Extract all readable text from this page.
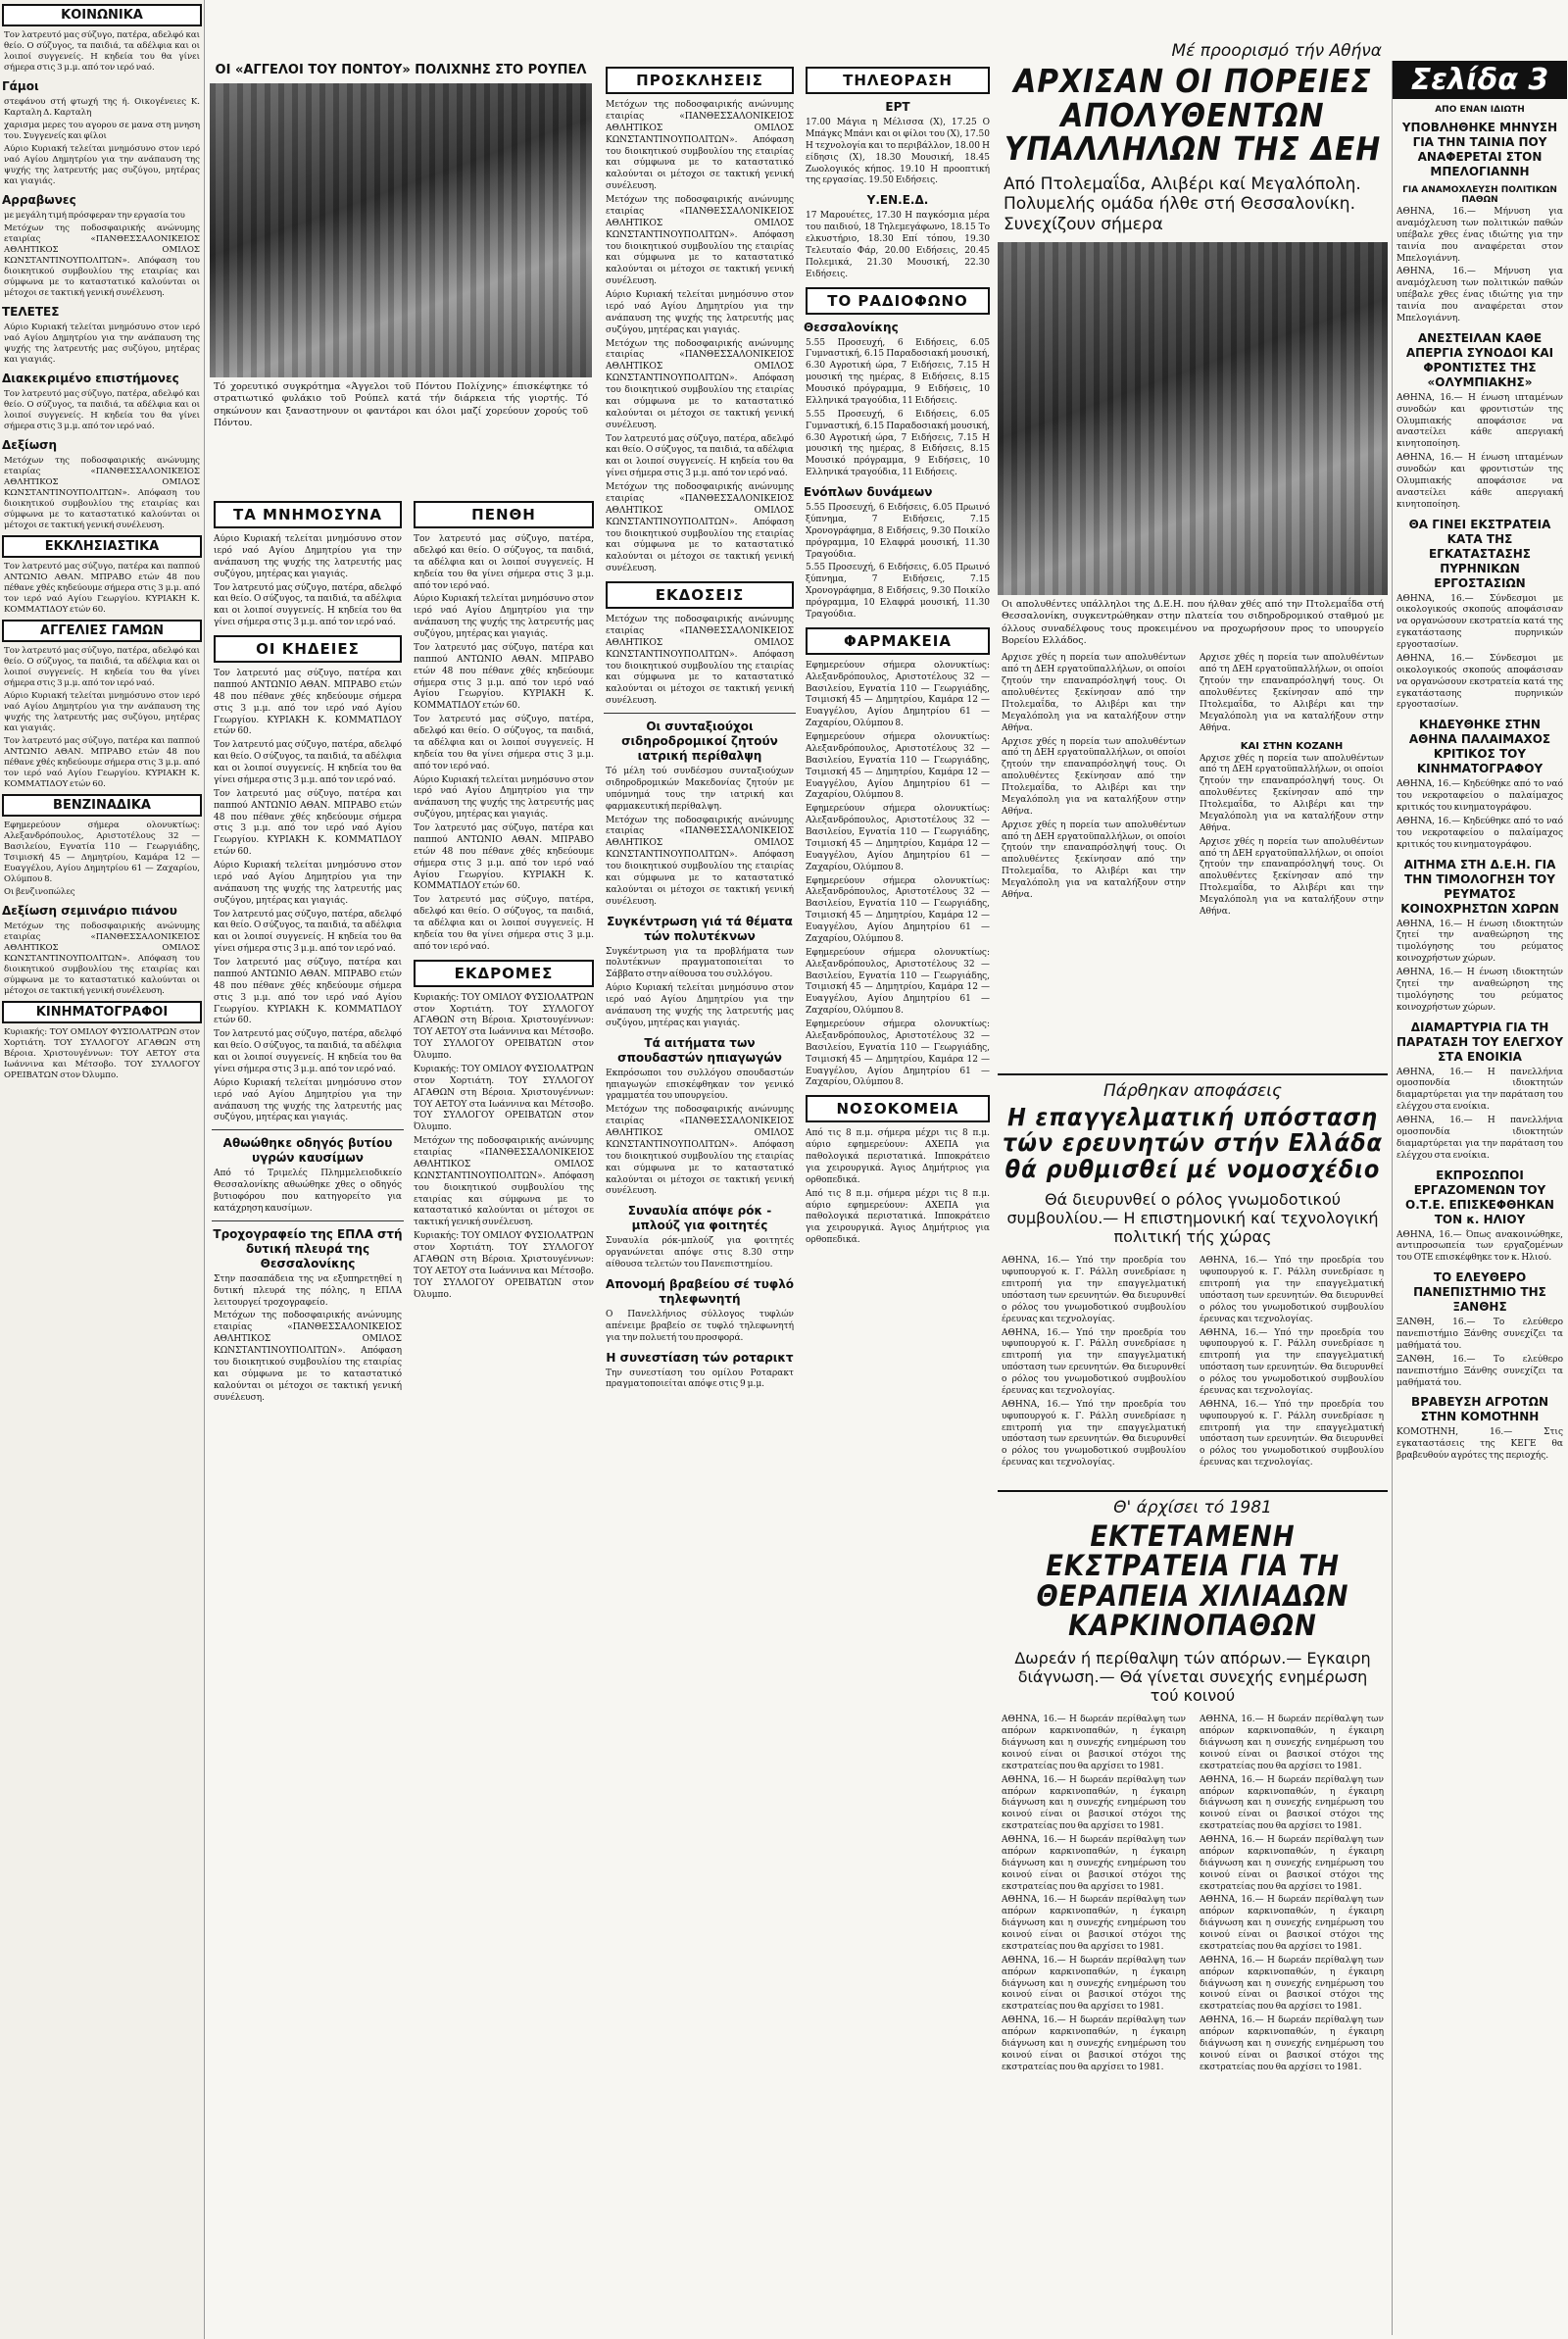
ΚΟΙΝΩΝΙΚΑ
Τον λατρευτό μας σύζυγο, πατέρα, αδελφό και θείο. Ο σύζυγος, τα παιδιά, τα αδέλφια και οι λοιποί συγγενείς. Η κηδεία του θα γίνει σήμερα στις 3 μ.μ. από τον ιερό ναό.
Γάμοι
στεφάνου στή φτωχή της ή. Οικογένειες Κ. Καρταλη Δ. Καρταλη
χαρισμα μερες του αγορου σε μανα στη μνηση του. Συγγενείς και φίλοι
Αύριο Κυριακή τελείται μνημόσυνο στον ιερό ναό Αγίου Δημητρίου για την ανάπαυση της ψυχής της λατρευτής μας συζύγου, μητέρας και γιαγιάς.
Αρραβωνες
με μεγάλη τιμή πρόσφεραν την εργασία του
Μετόχων της ποδοσφαιρικής ανώνυμης εταιρίας «ΠΑΝΘΕΣΣΑΛΟΝΙΚΕΙΟΣ ΑΘΛΗΤΙΚΟΣ ΟΜΙΛΟΣ ΚΩΝΣΤΑΝΤΙΝΟΥΠΟΛΙΤΩΝ». Απόφαση του διοικητικού συμβουλίου της εταιρίας και σύμφωνα με το καταστατικό καλούνται οι μέτοχοι σε τακτική γενική συνέλευση.
ΤΕΛΕΤΕΣ
Αύριο Κυριακή τελείται μνημόσυνο στον ιερό ναό Αγίου Δημητρίου για την ανάπαυση της ψυχής της λατρευτής μας συζύγου, μητέρας και γιαγιάς.
Διακεκριμένο επιστήμονες
Τον λατρευτό μας σύζυγο, πατέρα, αδελφό και θείο. Ο σύζυγος, τα παιδιά, τα αδέλφια και οι λοιποί συγγενείς. Η κηδεία του θα γίνει σήμερα στις 3 μ.μ. από τον ιερό ναό.
Δεξίωση
Μετόχων της ποδοσφαιρικής ανώνυμης εταιρίας «ΠΑΝΘΕΣΣΑΛΟΝΙΚΕΙΟΣ ΑΘΛΗΤΙΚΟΣ ΟΜΙΛΟΣ ΚΩΝΣΤΑΝΤΙΝΟΥΠΟΛΙΤΩΝ». Απόφαση του διοικητικού συμβουλίου της εταιρίας και σύμφωνα με το καταστατικό καλούνται οι μέτοχοι σε τακτική γενική συνέλευση.
ΕΚΚΛΗΣΙΑΣΤΙΚΑ
Τον λατρευτό μας σύζυγο, πατέρα και παππού ΑΝΤΩΝΙΟ ΑΘΑΝ. ΜΠΡΑΒΟ ετών 48 που πέθανε χθές κηδεύουμε σήμερα στις 3 μ.μ. από τον ιερό ναό Αγίου Γεωργίου. ΚΥΡΙΑΚΗ Κ. ΚΟΜΜΑΤΙΔΟΥ ετών 60.
ΑΓΓΕΛΙΕΣ ΓΑΜΩΝ
Τον λατρευτό μας σύζυγο, πατέρα, αδελφό και θείο. Ο σύζυγος, τα παιδιά, τα αδέλφια και οι λοιποί συγγενείς. Η κηδεία του θα γίνει σήμερα στις 3 μ.μ. από τον ιερό ναό.
Αύριο Κυριακή τελείται μνημόσυνο στον ιερό ναό Αγίου Δημητρίου για την ανάπαυση της ψυχής της λατρευτής μας συζύγου, μητέρας και γιαγιάς.
Τον λατρευτό μας σύζυγο, πατέρα και παππού ΑΝΤΩΝΙΟ ΑΘΑΝ. ΜΠΡΑΒΟ ετών 48 που πέθανε χθές κηδεύουμε σήμερα στις 3 μ.μ. από τον ιερό ναό Αγίου Γεωργίου. ΚΥΡΙΑΚΗ Κ. ΚΟΜΜΑΤΙΔΟΥ ετών 60.
ΒΕΝΖΙΝΑΔΙΚΑ
Εφημερεύουν σήμερα ολονυκτίως: Αλεξανδρόπουλος, Αριστοτέλους 32 — Βασιλείου, Εγνατία 110 — Γεωργιάδης, Τσιμισκή 45 — Δημητρίου, Καμάρα 12 — Ευαγγέλου, Αγίου Δημητρίου 61 — Ζαχαρίου, Ολύμπου 8.
Οι βενζινοπώλες
Δεξίωση σεμινάριο πιάνου
Μετόχων της ποδοσφαιρικής ανώνυμης εταιρίας «ΠΑΝΘΕΣΣΑΛΟΝΙΚΕΙΟΣ ΑΘΛΗΤΙΚΟΣ ΟΜΙΛΟΣ ΚΩΝΣΤΑΝΤΙΝΟΥΠΟΛΙΤΩΝ». Απόφαση του διοικητικού συμβουλίου της εταιρίας και σύμφωνα με το καταστατικό καλούνται οι μέτοχοι σε τακτική γενική συνέλευση.
ΚΙΝΗΜΑΤΟΓΡΑΦΟΙ
Κυριακής: ΤΟΥ ΟΜΙΛΟΥ ΦΥΣΙΟΛΑΤΡΩΝ στον Χορτιάτη. ΤΟΥ ΣΥΛΛΟΓΟΥ ΑΓΑΘΩΝ στη Βέροια. Χριστουγέννων: ΤΟΥ ΑΕΤΟΥ στα Ιωάννινα και Μέτσοβο. ΤΟΥ ΣΥΛΛΟΓΟΥ ΟΡΕΙΒΑΤΩΝ στον Όλυμπο.
ΟΙ «ΑΓΓΕΛΟΙ ΤΟΥ ΠΟΝΤΟΥ» ΠΟΛΙΧΝΗΣ ΣΤΟ ΡΟΥΠΕΛ
Τό χορευτικό συγκρότημα «Άγγελοι τοῦ Πόντου Πολίχνης» έπισκέφτηκε τό στρατιωτικό φυλάκιο τοῦ Ρούπελ κατά τήν διάρκεια τής γιορτής. Τό σηκώνουν και ξαναστηνουν οι φαντάροι και όλοι μαζί χορεύουν χορούς τοῦ Πόντου.
ΤΑ ΜΝΗΜΟΣΥΝΑ
Αύριο Κυριακή τελείται μνημόσυνο στον ιερό ναό Αγίου Δημητρίου για την ανάπαυση της ψυχής της λατρευτής μας συζύγου, μητέρας και γιαγιάς.
Τον λατρευτό μας σύζυγο, πατέρα, αδελφό και θείο. Ο σύζυγος, τα παιδιά, τα αδέλφια και οι λοιποί συγγενείς. Η κηδεία του θα γίνει σήμερα στις 3 μ.μ. από τον ιερό ναό.
ΟΙ ΚΗΔΕΙΕΣ
Τον λατρευτό μας σύζυγο, πατέρα και παππού ΑΝΤΩΝΙΟ ΑΘΑΝ. ΜΠΡΑΒΟ ετών 48 που πέθανε χθές κηδεύουμε σήμερα στις 3 μ.μ. από τον ιερό ναό Αγίου Γεωργίου. ΚΥΡΙΑΚΗ Κ. ΚΟΜΜΑΤΙΔΟΥ ετών 60.
Τον λατρευτό μας σύζυγο, πατέρα, αδελφό και θείο. Ο σύζυγος, τα παιδιά, τα αδέλφια και οι λοιποί συγγενείς. Η κηδεία του θα γίνει σήμερα στις 3 μ.μ. από τον ιερό ναό.
Τον λατρευτό μας σύζυγο, πατέρα και παππού ΑΝΤΩΝΙΟ ΑΘΑΝ. ΜΠΡΑΒΟ ετών 48 που πέθανε χθές κηδεύουμε σήμερα στις 3 μ.μ. από τον ιερό ναό Αγίου Γεωργίου. ΚΥΡΙΑΚΗ Κ. ΚΟΜΜΑΤΙΔΟΥ ετών 60.
Αύριο Κυριακή τελείται μνημόσυνο στον ιερό ναό Αγίου Δημητρίου για την ανάπαυση της ψυχής της λατρευτής μας συζύγου, μητέρας και γιαγιάς.
Τον λατρευτό μας σύζυγο, πατέρα, αδελφό και θείο. Ο σύζυγος, τα παιδιά, τα αδέλφια και οι λοιποί συγγενείς. Η κηδεία του θα γίνει σήμερα στις 3 μ.μ. από τον ιερό ναό.
Τον λατρευτό μας σύζυγο, πατέρα και παππού ΑΝΤΩΝΙΟ ΑΘΑΝ. ΜΠΡΑΒΟ ετών 48 που πέθανε χθές κηδεύουμε σήμερα στις 3 μ.μ. από τον ιερό ναό Αγίου Γεωργίου. ΚΥΡΙΑΚΗ Κ. ΚΟΜΜΑΤΙΔΟΥ ετών 60.
Τον λατρευτό μας σύζυγο, πατέρα, αδελφό και θείο. Ο σύζυγος, τα παιδιά, τα αδέλφια και οι λοιποί συγγενείς. Η κηδεία του θα γίνει σήμερα στις 3 μ.μ. από τον ιερό ναό.
Αύριο Κυριακή τελείται μνημόσυνο στον ιερό ναό Αγίου Δημητρίου για την ανάπαυση της ψυχής της λατρευτής μας συζύγου, μητέρας και γιαγιάς.
Αθωώθηκε οδηγός βυτίου υγρών καυσίμων
Από τό Τριμελές Πλημμελειοδικείο Θεσσαλονίκης αθωώθηκε χθες ο οδηγός βυτιοφόρου που κατηγορείτο για κατάχρηση καυσίμων.
Τροχογραφείο της ΕΠΛΑ στή δυτική πλευρά της Θεσσαλονίκης
Στην πασαπάδεια της να εξυπηρετηθεί η δυτική πλευρά της πόλης, η ΕΠΛΑ λειτουργεί τροχογραφείο.
Μετόχων της ποδοσφαιρικής ανώνυμης εταιρίας «ΠΑΝΘΕΣΣΑΛΟΝΙΚΕΙΟΣ ΑΘΛΗΤΙΚΟΣ ΟΜΙΛΟΣ ΚΩΝΣΤΑΝΤΙΝΟΥΠΟΛΙΤΩΝ». Απόφαση του διοικητικού συμβουλίου της εταιρίας και σύμφωνα με το καταστατικό καλούνται οι μέτοχοι σε τακτική γενική συνέλευση.
ΠΕΝΘΗ
Τον λατρευτό μας σύζυγο, πατέρα, αδελφό και θείο. Ο σύζυγος, τα παιδιά, τα αδέλφια και οι λοιποί συγγενείς. Η κηδεία του θα γίνει σήμερα στις 3 μ.μ. από τον ιερό ναό.
Αύριο Κυριακή τελείται μνημόσυνο στον ιερό ναό Αγίου Δημητρίου για την ανάπαυση της ψυχής της λατρευτής μας συζύγου, μητέρας και γιαγιάς.
Τον λατρευτό μας σύζυγο, πατέρα και παππού ΑΝΤΩΝΙΟ ΑΘΑΝ. ΜΠΡΑΒΟ ετών 48 που πέθανε χθές κηδεύουμε σήμερα στις 3 μ.μ. από τον ιερό ναό Αγίου Γεωργίου. ΚΥΡΙΑΚΗ Κ. ΚΟΜΜΑΤΙΔΟΥ ετών 60.
Τον λατρευτό μας σύζυγο, πατέρα, αδελφό και θείο. Ο σύζυγος, τα παιδιά, τα αδέλφια και οι λοιποί συγγενείς. Η κηδεία του θα γίνει σήμερα στις 3 μ.μ. από τον ιερό ναό.
Αύριο Κυριακή τελείται μνημόσυνο στον ιερό ναό Αγίου Δημητρίου για την ανάπαυση της ψυχής της λατρευτής μας συζύγου, μητέρας και γιαγιάς.
Τον λατρευτό μας σύζυγο, πατέρα και παππού ΑΝΤΩΝΙΟ ΑΘΑΝ. ΜΠΡΑΒΟ ετών 48 που πέθανε χθές κηδεύουμε σήμερα στις 3 μ.μ. από τον ιερό ναό Αγίου Γεωργίου. ΚΥΡΙΑΚΗ Κ. ΚΟΜΜΑΤΙΔΟΥ ετών 60.
Τον λατρευτό μας σύζυγο, πατέρα, αδελφό και θείο. Ο σύζυγος, τα παιδιά, τα αδέλφια και οι λοιποί συγγενείς. Η κηδεία του θα γίνει σήμερα στις 3 μ.μ. από τον ιερό ναό.
ΕΚΔΡΟΜΕΣ
Κυριακής: ΤΟΥ ΟΜΙΛΟΥ ΦΥΣΙΟΛΑΤΡΩΝ στον Χορτιάτη. ΤΟΥ ΣΥΛΛΟΓΟΥ ΑΓΑΘΩΝ στη Βέροια. Χριστουγέννων: ΤΟΥ ΑΕΤΟΥ στα Ιωάννινα και Μέτσοβο. ΤΟΥ ΣΥΛΛΟΓΟΥ ΟΡΕΙΒΑΤΩΝ στον Όλυμπο.
Κυριακής: ΤΟΥ ΟΜΙΛΟΥ ΦΥΣΙΟΛΑΤΡΩΝ στον Χορτιάτη. ΤΟΥ ΣΥΛΛΟΓΟΥ ΑΓΑΘΩΝ στη Βέροια. Χριστουγέννων: ΤΟΥ ΑΕΤΟΥ στα Ιωάννινα και Μέτσοβο. ΤΟΥ ΣΥΛΛΟΓΟΥ ΟΡΕΙΒΑΤΩΝ στον Όλυμπο.
Μετόχων της ποδοσφαιρικής ανώνυμης εταιρίας «ΠΑΝΘΕΣΣΑΛΟΝΙΚΕΙΟΣ ΑΘΛΗΤΙΚΟΣ ΟΜΙΛΟΣ ΚΩΝΣΤΑΝΤΙΝΟΥΠΟΛΙΤΩΝ». Απόφαση του διοικητικού συμβουλίου της εταιρίας και σύμφωνα με το καταστατικό καλούνται οι μέτοχοι σε τακτική γενική συνέλευση.
Κυριακής: ΤΟΥ ΟΜΙΛΟΥ ΦΥΣΙΟΛΑΤΡΩΝ στον Χορτιάτη. ΤΟΥ ΣΥΛΛΟΓΟΥ ΑΓΑΘΩΝ στη Βέροια. Χριστουγέννων: ΤΟΥ ΑΕΤΟΥ στα Ιωάννινα και Μέτσοβο. ΤΟΥ ΣΥΛΛΟΓΟΥ ΟΡΕΙΒΑΤΩΝ στον Όλυμπο.
ΠΡΟΣΚΛΗΣΕΙΣ
Μετόχων της ποδοσφαιρικής ανώνυμης εταιρίας «ΠΑΝΘΕΣΣΑΛΟΝΙΚΕΙΟΣ ΑΘΛΗΤΙΚΟΣ ΟΜΙΛΟΣ ΚΩΝΣΤΑΝΤΙΝΟΥΠΟΛΙΤΩΝ». Απόφαση του διοικητικού συμβουλίου της εταιρίας και σύμφωνα με το καταστατικό καλούνται οι μέτοχοι σε τακτική γενική συνέλευση.
Μετόχων της ποδοσφαιρικής ανώνυμης εταιρίας «ΠΑΝΘΕΣΣΑΛΟΝΙΚΕΙΟΣ ΑΘΛΗΤΙΚΟΣ ΟΜΙΛΟΣ ΚΩΝΣΤΑΝΤΙΝΟΥΠΟΛΙΤΩΝ». Απόφαση του διοικητικού συμβουλίου της εταιρίας και σύμφωνα με το καταστατικό καλούνται οι μέτοχοι σε τακτική γενική συνέλευση.
Αύριο Κυριακή τελείται μνημόσυνο στον ιερό ναό Αγίου Δημητρίου για την ανάπαυση της ψυχής της λατρευτής μας συζύγου, μητέρας και γιαγιάς.
Μετόχων της ποδοσφαιρικής ανώνυμης εταιρίας «ΠΑΝΘΕΣΣΑΛΟΝΙΚΕΙΟΣ ΑΘΛΗΤΙΚΟΣ ΟΜΙΛΟΣ ΚΩΝΣΤΑΝΤΙΝΟΥΠΟΛΙΤΩΝ». Απόφαση του διοικητικού συμβουλίου της εταιρίας και σύμφωνα με το καταστατικό καλούνται οι μέτοχοι σε τακτική γενική συνέλευση.
Τον λατρευτό μας σύζυγο, πατέρα, αδελφό και θείο. Ο σύζυγος, τα παιδιά, τα αδέλφια και οι λοιποί συγγενείς. Η κηδεία του θα γίνει σήμερα στις 3 μ.μ. από τον ιερό ναό.
Μετόχων της ποδοσφαιρικής ανώνυμης εταιρίας «ΠΑΝΘΕΣΣΑΛΟΝΙΚΕΙΟΣ ΑΘΛΗΤΙΚΟΣ ΟΜΙΛΟΣ ΚΩΝΣΤΑΝΤΙΝΟΥΠΟΛΙΤΩΝ». Απόφαση του διοικητικού συμβουλίου της εταιρίας και σύμφωνα με το καταστατικό καλούνται οι μέτοχοι σε τακτική γενική συνέλευση.
ΕΚΔΟΣΕΙΣ
Μετόχων της ποδοσφαιρικής ανώνυμης εταιρίας «ΠΑΝΘΕΣΣΑΛΟΝΙΚΕΙΟΣ ΑΘΛΗΤΙΚΟΣ ΟΜΙΛΟΣ ΚΩΝΣΤΑΝΤΙΝΟΥΠΟΛΙΤΩΝ». Απόφαση του διοικητικού συμβουλίου της εταιρίας και σύμφωνα με το καταστατικό καλούνται οι μέτοχοι σε τακτική γενική συνέλευση.
Οι συνταξιούχοι σιδηροδρομικοί ζητούν ιατρική περίθαλψη
Τό μέλη τού συνδέσμου συνταξιούχων σιδηροδρομικών Μακεδονίας ζητούν με υπόμνημά τους την ιατρική και φαρμακευτική περίθαλψη.
Μετόχων της ποδοσφαιρικής ανώνυμης εταιρίας «ΠΑΝΘΕΣΣΑΛΟΝΙΚΕΙΟΣ ΑΘΛΗΤΙΚΟΣ ΟΜΙΛΟΣ ΚΩΝΣΤΑΝΤΙΝΟΥΠΟΛΙΤΩΝ». Απόφαση του διοικητικού συμβουλίου της εταιρίας και σύμφωνα με το καταστατικό καλούνται οι μέτοχοι σε τακτική γενική συνέλευση.
Συγκέντρωση γιά τά θέματα τών πολυτέκνων
Συγκέντρωση για τα προβλήματα των πολυτέκνων πραγματοποιείται το Σάββατο στην αίθουσα του συλλόγου.
Αύριο Κυριακή τελείται μνημόσυνο στον ιερό ναό Αγίου Δημητρίου για την ανάπαυση της ψυχής της λατρευτής μας συζύγου, μητέρας και γιαγιάς.
Τά αιτήματα των σπουδαστών ηπιαγωγών
Εκπρόσωποι του συλλόγου σπουδαστών ηπιαγωγών επισκέφθηκαν τον γενικό γραμματέα του υπουργείου.
Μετόχων της ποδοσφαιρικής ανώνυμης εταιρίας «ΠΑΝΘΕΣΣΑΛΟΝΙΚΕΙΟΣ ΑΘΛΗΤΙΚΟΣ ΟΜΙΛΟΣ ΚΩΝΣΤΑΝΤΙΝΟΥΠΟΛΙΤΩΝ». Απόφαση του διοικητικού συμβουλίου της εταιρίας και σύμφωνα με το καταστατικό καλούνται οι μέτοχοι σε τακτική γενική συνέλευση.
Συναυλία απόψε ρόκ - μπλούζ για φοιτητές
Συναυλία ρόκ-μπλούζ για φοιτητές οργανώνεται απόψε στις 8.30 στην αίθουσα τελετών του Πανεπιστημίου.
Απονομή βραβείου σέ τυφλό τηλεφωνητή
Ο Πανελλήνιος σύλλογος τυφλών απένειμε βραβείο σε τυφλό τηλεφωνητή για την πολυετή του προσφορά.
Η συνεστίαση τών ροταρικτ
Την συνεστίαση του ομίλου Ροταρακτ πραγματοποιείται απόψε στις 9 μ.μ.
ΤΗΛΕΟΡΑΣΗ
ΕΡΤ
17.00 Μάγια η Μέλισσα (Χ), 17.25 Ο Μπάγκς Μπάνι και οι φίλοι του (Χ), 17.50 Η τεχνολογία και το περιβάλλον, 18.00 Η είδησις (Χ), 18.30 Μουσική, 18.45 Ζωολογικός κήπος. 19.10 Η προοπτική της εργασίας. 19.50 Ειδήσεις.
Υ.ΕΝ.Ε.Δ.
17 Μαρουέτες, 17.30 Η παγκόσμια μέρα του παιδιού, 18 Τηλεμεγάφωνο, 18.15 Το ελκυστήριο, 18.30 Επί τόπου, 19.30 Τελευταίο Φάρ, 20.00 Ειδήσεις, 20.45 Πολεμικά, 21.30 Μουσική, 22.30 Ειδήσεις.
ΤΟ ΡΑΔΙΟΦΩΝΟ
Θεσσαλονίκης
5.55 Προσευχή, 6 Ειδήσεις, 6.05 Γυμναστική, 6.15 Παραδοσιακή μουσική, 6.30 Αγροτική ώρα, 7 Ειδήσεις, 7.15 Η μουσική της ημέρας, 8 Ειδήσεις, 8.15 Μουσικό πρόγραμμα, 9 Ειδήσεις, 10 Ελληνικά τραγούδια, 11 Ειδήσεις.
5.55 Προσευχή, 6 Ειδήσεις, 6.05 Γυμναστική, 6.15 Παραδοσιακή μουσική, 6.30 Αγροτική ώρα, 7 Ειδήσεις, 7.15 Η μουσική της ημέρας, 8 Ειδήσεις, 8.15 Μουσικό πρόγραμμα, 9 Ειδήσεις, 10 Ελληνικά τραγούδια, 11 Ειδήσεις.
Ενόπλων δυνάμεων
5.55 Προσευχή, 6 Ειδήσεις, 6.05 Πρωινό ξύπνημα, 7 Ειδήσεις, 7.15 Χρονογράφημα, 8 Ειδήσεις, 9.30 Ποικίλο πρόγραμμα, 10 Ελαφρά μουσική, 11.30 Τραγούδια.
5.55 Προσευχή, 6 Ειδήσεις, 6.05 Πρωινό ξύπνημα, 7 Ειδήσεις, 7.15 Χρονογράφημα, 8 Ειδήσεις, 9.30 Ποικίλο πρόγραμμα, 10 Ελαφρά μουσική, 11.30 Τραγούδια.
ΦΑΡΜΑΚΕΙΑ
Εφημερεύουν σήμερα ολονυκτίως: Αλεξανδρόπουλος, Αριστοτέλους 32 — Βασιλείου, Εγνατία 110 — Γεωργιάδης, Τσιμισκή 45 — Δημητρίου, Καμάρα 12 — Ευαγγέλου, Αγίου Δημητρίου 61 — Ζαχαρίου, Ολύμπου 8.
Εφημερεύουν σήμερα ολονυκτίως: Αλεξανδρόπουλος, Αριστοτέλους 32 — Βασιλείου, Εγνατία 110 — Γεωργιάδης, Τσιμισκή 45 — Δημητρίου, Καμάρα 12 — Ευαγγέλου, Αγίου Δημητρίου 61 — Ζαχαρίου, Ολύμπου 8.
Εφημερεύουν σήμερα ολονυκτίως: Αλεξανδρόπουλος, Αριστοτέλους 32 — Βασιλείου, Εγνατία 110 — Γεωργιάδης, Τσιμισκή 45 — Δημητρίου, Καμάρα 12 — Ευαγγέλου, Αγίου Δημητρίου 61 — Ζαχαρίου, Ολύμπου 8.
Εφημερεύουν σήμερα ολονυκτίως: Αλεξανδρόπουλος, Αριστοτέλους 32 — Βασιλείου, Εγνατία 110 — Γεωργιάδης, Τσιμισκή 45 — Δημητρίου, Καμάρα 12 — Ευαγγέλου, Αγίου Δημητρίου 61 — Ζαχαρίου, Ολύμπου 8.
Εφημερεύουν σήμερα ολονυκτίως: Αλεξανδρόπουλος, Αριστοτέλους 32 — Βασιλείου, Εγνατία 110 — Γεωργιάδης, Τσιμισκή 45 — Δημητρίου, Καμάρα 12 — Ευαγγέλου, Αγίου Δημητρίου 61 — Ζαχαρίου, Ολύμπου 8.
Εφημερεύουν σήμερα ολονυκτίως: Αλεξανδρόπουλος, Αριστοτέλους 32 — Βασιλείου, Εγνατία 110 — Γεωργιάδης, Τσιμισκή 45 — Δημητρίου, Καμάρα 12 — Ευαγγέλου, Αγίου Δημητρίου 61 — Ζαχαρίου, Ολύμπου 8.
ΝΟΣΟΚΟΜΕΙΑ
Από τις 8 π.μ. σήμερα μέχρι τις 8 π.μ. αύριο εφημερεύουν: ΑΧΕΠΑ για παθολογικά περιστατικά. Ιπποκράτειο για χειρουργικά. Άγιος Δημήτριος για ορθοπεδικά.
Από τις 8 π.μ. σήμερα μέχρι τις 8 π.μ. αύριο εφημερεύουν: ΑΧΕΠΑ για παθολογικά περιστατικά. Ιπποκράτειο για χειρουργικά. Άγιος Δημήτριος για ορθοπεδικά.
Μέ προορισμό τήν Αθήνα
ΑΡΧΙΣΑΝ ΟΙ ΠΟΡΕΙΕΣ ΑΠΟΛΥΘΕΝΤΩΝ ΥΠΑΛΛΗΛΩΝ ΤΗΣ ΔΕΗ
Από Πτολεμαΐδα, Αλιβέρι καί Μεγαλόπολη. Πολυμελής ομάδα ήλθε στή Θεσσαλονίκη. Συνεχίζουν σήμερα
Οι απολυθέντες υπάλληλοι της Δ.Ε.Η. που ήλθαν χθές από την Πτολεμαΐδα στή Θεσσαλονίκη, συγκεντρώθηκαν στην πλατεία του σιδηροδρομικού σταθμού με όλλους συναδέλφους τους προκειμένου να προχωρήσουν προς το υπουργείο Βορείου Ελλάδος.
Αρχισε χθές η πορεία των απολυθέντων από τη ΔΕΗ εργατοϋπαλλήλων, οι οποίοι ζητούν την επαναπρόσληψή τους. Οι απολυθέντες ξεκίνησαν από την Πτολεμαΐδα, το Αλιβέρι και την Μεγαλόπολη για να καταλήξουν στην Αθήνα.
Αρχισε χθές η πορεία των απολυθέντων από τη ΔΕΗ εργατοϋπαλλήλων, οι οποίοι ζητούν την επαναπρόσληψή τους. Οι απολυθέντες ξεκίνησαν από την Πτολεμαΐδα, το Αλιβέρι και την Μεγαλόπολη για να καταλήξουν στην Αθήνα.
Αρχισε χθές η πορεία των απολυθέντων από τη ΔΕΗ εργατοϋπαλλήλων, οι οποίοι ζητούν την επαναπρόσληψή τους. Οι απολυθέντες ξεκίνησαν από την Πτολεμαΐδα, το Αλιβέρι και την Μεγαλόπολη για να καταλήξουν στην Αθήνα.
Αρχισε χθές η πορεία των απολυθέντων από τη ΔΕΗ εργατοϋπαλλήλων, οι οποίοι ζητούν την επαναπρόσληψή τους. Οι απολυθέντες ξεκίνησαν από την Πτολεμαΐδα, το Αλιβέρι και την Μεγαλόπολη για να καταλήξουν στην Αθήνα.
ΚΑΙ ΣΤΗΝ ΚΟΖΑΝΗ
Αρχισε χθές η πορεία των απολυθέντων από τη ΔΕΗ εργατοϋπαλλήλων, οι οποίοι ζητούν την επαναπρόσληψή τους. Οι απολυθέντες ξεκίνησαν από την Πτολεμαΐδα, το Αλιβέρι και την Μεγαλόπολη για να καταλήξουν στην Αθήνα.
Αρχισε χθές η πορεία των απολυθέντων από τη ΔΕΗ εργατοϋπαλλήλων, οι οποίοι ζητούν την επαναπρόσληψή τους. Οι απολυθέντες ξεκίνησαν από την Πτολεμαΐδα, το Αλιβέρι και την Μεγαλόπολη για να καταλήξουν στην Αθήνα.
Πάρθηκαν αποφάσεις
Η επαγγελματική υπόσταση τών ερευνητών στήν Ελλάδα θά ρυθμισθεί μέ νομοσχέδιο
Θά διευρυνθεί ο ρόλος γνωμοδοτικού συμβουλίου.— Η επιστημονική καί τεχνολογική πολιτική τής χώρας
ΑΘΗΝΑ, 16.— Υπό την προεδρία του υφυπουργού κ. Γ. Ράλλη συνεδρίασε η επιτροπή για την επαγγελματική υπόσταση των ερευνητών. Θα διευρυνθεί ο ρόλος του γνωμοδοτικού συμβουλίου έρευνας και τεχνολογίας.
ΑΘΗΝΑ, 16.— Υπό την προεδρία του υφυπουργού κ. Γ. Ράλλη συνεδρίασε η επιτροπή για την επαγγελματική υπόσταση των ερευνητών. Θα διευρυνθεί ο ρόλος του γνωμοδοτικού συμβουλίου έρευνας και τεχνολογίας.
ΑΘΗΝΑ, 16.— Υπό την προεδρία του υφυπουργού κ. Γ. Ράλλη συνεδρίασε η επιτροπή για την επαγγελματική υπόσταση των ερευνητών. Θα διευρυνθεί ο ρόλος του γνωμοδοτικού συμβουλίου έρευνας και τεχνολογίας.
ΑΘΗΝΑ, 16.— Υπό την προεδρία του υφυπουργού κ. Γ. Ράλλη συνεδρίασε η επιτροπή για την επαγγελματική υπόσταση των ερευνητών. Θα διευρυνθεί ο ρόλος του γνωμοδοτικού συμβουλίου έρευνας και τεχνολογίας.
ΑΘΗΝΑ, 16.— Υπό την προεδρία του υφυπουργού κ. Γ. Ράλλη συνεδρίασε η επιτροπή για την επαγγελματική υπόσταση των ερευνητών. Θα διευρυνθεί ο ρόλος του γνωμοδοτικού συμβουλίου έρευνας και τεχνολογίας.
ΑΘΗΝΑ, 16.— Υπό την προεδρία του υφυπουργού κ. Γ. Ράλλη συνεδρίασε η επιτροπή για την επαγγελματική υπόσταση των ερευνητών. Θα διευρυνθεί ο ρόλος του γνωμοδοτικού συμβουλίου έρευνας και τεχνολογίας.
Θ' άρχίσει τό 1981
ΕΚΤΕΤΑΜΕΝΗ ΕΚΣΤΡΑΤΕΙΑ ΓΙΑ ΤΗ ΘΕΡΑΠΕΙΑ ΧΙΛΙΑΔΩΝ ΚΑΡΚΙΝΟΠΑΘΩΝ
Δωρεάν ή περίθαλψη τών απόρων.— Εγκαιρη διάγνωση.— Θά γίνεται συνεχής ενημέρωση τού κοινού
ΑΘΗΝΑ, 16.— Η δωρεάν περίθαλψη των απόρων καρκινοπαθών, η έγκαιρη διάγνωση και η συνεχής ενημέρωση του κοινού είναι οι βασικοί στόχοι της εκστρατείας που θα αρχίσει το 1981.
ΑΘΗΝΑ, 16.— Η δωρεάν περίθαλψη των απόρων καρκινοπαθών, η έγκαιρη διάγνωση και η συνεχής ενημέρωση του κοινού είναι οι βασικοί στόχοι της εκστρατείας που θα αρχίσει το 1981.
ΑΘΗΝΑ, 16.— Η δωρεάν περίθαλψη των απόρων καρκινοπαθών, η έγκαιρη διάγνωση και η συνεχής ενημέρωση του κοινού είναι οι βασικοί στόχοι της εκστρατείας που θα αρχίσει το 1981.
ΑΘΗΝΑ, 16.— Η δωρεάν περίθαλψη των απόρων καρκινοπαθών, η έγκαιρη διάγνωση και η συνεχής ενημέρωση του κοινού είναι οι βασικοί στόχοι της εκστρατείας που θα αρχίσει το 1981.
ΑΘΗΝΑ, 16.— Η δωρεάν περίθαλψη των απόρων καρκινοπαθών, η έγκαιρη διάγνωση και η συνεχής ενημέρωση του κοινού είναι οι βασικοί στόχοι της εκστρατείας που θα αρχίσει το 1981.
ΑΘΗΝΑ, 16.— Η δωρεάν περίθαλψη των απόρων καρκινοπαθών, η έγκαιρη διάγνωση και η συνεχής ενημέρωση του κοινού είναι οι βασικοί στόχοι της εκστρατείας που θα αρχίσει το 1981.
ΑΘΗΝΑ, 16.— Η δωρεάν περίθαλψη των απόρων καρκινοπαθών, η έγκαιρη διάγνωση και η συνεχής ενημέρωση του κοινού είναι οι βασικοί στόχοι της εκστρατείας που θα αρχίσει το 1981.
ΑΘΗΝΑ, 16.— Η δωρεάν περίθαλψη των απόρων καρκινοπαθών, η έγκαιρη διάγνωση και η συνεχής ενημέρωση του κοινού είναι οι βασικοί στόχοι της εκστρατείας που θα αρχίσει το 1981.
ΑΘΗΝΑ, 16.— Η δωρεάν περίθαλψη των απόρων καρκινοπαθών, η έγκαιρη διάγνωση και η συνεχής ενημέρωση του κοινού είναι οι βασικοί στόχοι της εκστρατείας που θα αρχίσει το 1981.
ΑΘΗΝΑ, 16.— Η δωρεάν περίθαλψη των απόρων καρκινοπαθών, η έγκαιρη διάγνωση και η συνεχής ενημέρωση του κοινού είναι οι βασικοί στόχοι της εκστρατείας που θα αρχίσει το 1981.
ΑΘΗΝΑ, 16.— Η δωρεάν περίθαλψη των απόρων καρκινοπαθών, η έγκαιρη διάγνωση και η συνεχής ενημέρωση του κοινού είναι οι βασικοί στόχοι της εκστρατείας που θα αρχίσει το 1981.
ΑΘΗΝΑ, 16.— Η δωρεάν περίθαλψη των απόρων καρκινοπαθών, η έγκαιρη διάγνωση και η συνεχής ενημέρωση του κοινού είναι οι βασικοί στόχοι της εκστρατείας που θα αρχίσει το 1981.
Σελίδα 3
ΑΠΟ ΕΝΑΝ ΙΔΙΩΤΗ
ΥΠΟΒΛΗΘΗΚΕ ΜΗΝΥΣΗ ΓΙΑ ΤΗΝ ΤΑΙΝΙΑ ΠΟΥ ΑΝΑΦΕΡΕΤΑΙ ΣΤΟΝ ΜΠΕΛΟΓΙΑΝΝΗ
ΓΙΑ ΑΝΑΜΟΧΛΕΥΣΗ ΠΟΛΙΤΙΚΩΝ ΠΑΘΩΝ
ΑΘΗΝΑ, 16.— Μήνυση για αναμόχλευση των πολιτικών παθών υπέβαλε χθες ένας ιδιώτης για την ταινία που αναφέρεται στον Μπελογιάννη.
ΑΘΗΝΑ, 16.— Μήνυση για αναμόχλευση των πολιτικών παθών υπέβαλε χθες ένας ιδιώτης για την ταινία που αναφέρεται στον Μπελογιάννη.
ΑΝΕΣΤΕΙΛΑΝ ΚΑΘΕ ΑΠΕΡΓΙΑ ΣΥΝΟΔΟΙ ΚΑΙ ΦΡΟΝΤΙΣΤΕΣ ΤΗΣ «ΟΛΥΜΠΙΑΚΗΣ»
ΑΘΗΝΑ, 16.— Η ένωση ιπταμένων συνοδών και φροντιστών της Ολυμπιακής αποφάσισε να αναστείλει κάθε απεργιακή κινητοποίηση.
ΑΘΗΝΑ, 16.— Η ένωση ιπταμένων συνοδών και φροντιστών της Ολυμπιακής αποφάσισε να αναστείλει κάθε απεργιακή κινητοποίηση.
ΘΑ ΓΙΝΕΙ ΕΚΣΤΡΑΤΕΙΑ ΚΑΤΑ ΤΗΣ ΕΓΚΑΤΑΣΤΑΣΗΣ ΠΥΡΗΝΙΚΩΝ ΕΡΓΟΣΤΑΣΙΩΝ
ΑΘΗΝΑ, 16.— Σύνδεσμοι με οικολογικούς σκοπούς αποφάσισαν να οργανώσουν εκστρατεία κατά της εγκατάστασης πυρηνικών εργοστασίων.
ΑΘΗΝΑ, 16.— Σύνδεσμοι με οικολογικούς σκοπούς αποφάσισαν να οργανώσουν εκστρατεία κατά της εγκατάστασης πυρηνικών εργοστασίων.
ΚΗΔΕΥΘΗΚΕ ΣΤΗΝ ΑΘΗΝΑ ΠΑΛΑΙΜΑΧΟΣ ΚΡΙΤΙΚΟΣ ΤΟΥ ΚΙΝΗΜΑΤΟΓΡΑΦΟΥ
ΑΘΗΝΑ, 16.— Κηδεύθηκε από το ναό του νεκροταφείου ο παλαίμαχος κριτικός του κινηματογράφου.
ΑΘΗΝΑ, 16.— Κηδεύθηκε από το ναό του νεκροταφείου ο παλαίμαχος κριτικός του κινηματογράφου.
ΑΙΤΗΜΑ ΣΤΗ Δ.Ε.Η. ΓΙΑ ΤΗΝ ΤΙΜΟΛΟΓΗΣΗ ΤΟΥ ΡΕΥΜΑΤΟΣ ΚΟΙΝΟΧΡΗΣΤΩΝ ΧΩΡΩΝ
ΑΘΗΝΑ, 16.— Η ένωση ιδιοκτητών ζητεί την αναθεώρηση της τιμολόγησης του ρεύματος κοινοχρήστων χώρων.
ΑΘΗΝΑ, 16.— Η ένωση ιδιοκτητών ζητεί την αναθεώρηση της τιμολόγησης του ρεύματος κοινοχρήστων χώρων.
ΔΙΑΜΑΡΤΥΡΙΑ ΓΙΑ ΤΗ ΠΑΡΑΤΑΣΗ ΤΟΥ ΕΛΕΓΧΟΥ ΣΤΑ ΕΝΟΙΚΙΑ
ΑΘΗΝΑ, 16.— Η πανελλήνια ομοσπονδία ιδιοκτητών διαμαρτύρεται για την παράταση του ελέγχου στα ενοίκια.
ΑΘΗΝΑ, 16.— Η πανελλήνια ομοσπονδία ιδιοκτητών διαμαρτύρεται για την παράταση του ελέγχου στα ενοίκια.
ΕΚΠΡΟΣΩΠΟΙ ΕΡΓΑΖΟΜΕΝΩΝ ΤΟΥ Ο.Τ.Ε. ΕΠΙΣΚΕΦΘΗΚΑΝ ΤΟΝ κ. ΗΛΙΟΥ
ΑΘΗΝΑ, 16.— Όπως ανακοινώθηκε, αντιπροσωπεία των εργαζομένων του ΟΤΕ επισκέφθηκε τον κ. Ηλιού.
ΤΟ ΕΛΕΥΘΕΡΟ ΠΑΝΕΠΙΣΤΗΜΙΟ ΤΗΣ ΞΑΝΘΗΣ
ΞΑΝΘΗ, 16.— Το ελεύθερο πανεπιστήμιο Ξάνθης συνεχίζει τα μαθήματά του.
ΞΑΝΘΗ, 16.— Το ελεύθερο πανεπιστήμιο Ξάνθης συνεχίζει τα μαθήματά του.
ΒΡΑΒΕΥΣΗ ΑΓΡΟΤΩΝ ΣΤΗΝ ΚΟΜΟΤΗΝΗ
ΚΟΜΟΤΗΝΗ, 16.— Στις εγκαταστάσεις της ΚΕΓΕ θα βραβευθούν αγρότες της περιοχής.
